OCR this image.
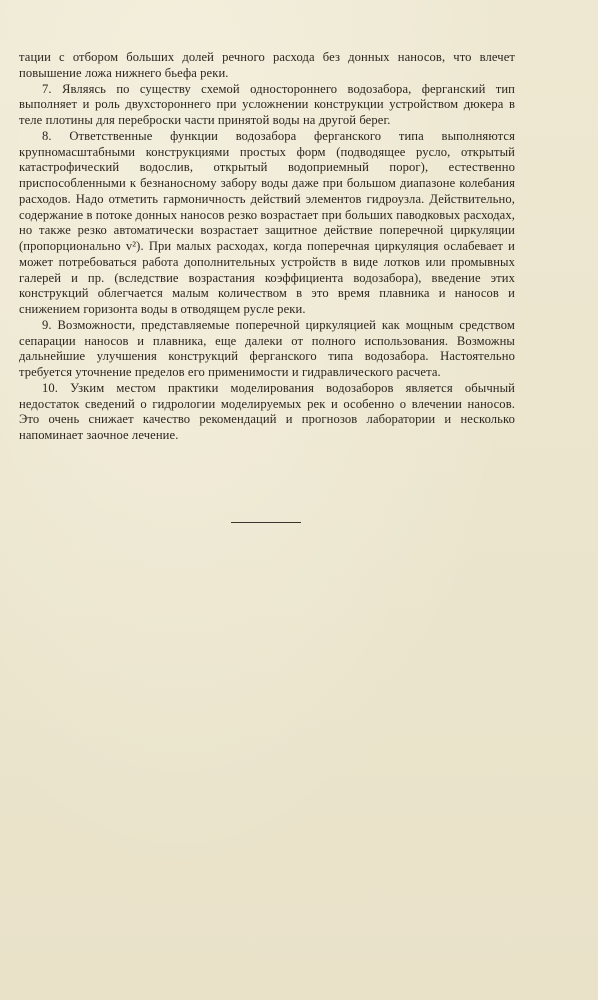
тации с отбором больших долей речного расхода без донных наносов, что влечет повышение ложа нижнего бьефа реки.

7. Являясь по существу схемой одностороннего водозабора, ферганский тип выполняет и роль двухстороннего при усложнении конструкции устройством дюкера в теле плотины для переброски части принятой воды на другой берег.

8. Ответственные функции водозабора ферганского типа выполняются крупномасштабными конструкциями простых форм (подводящее русло, открытый катастрофический водослив, открытый водоприемный порог), естественно приспособленными к безнаносному забору воды даже при большом диапазоне колебания расходов. Надо отметить гармоничность действий элементов гидроузла. Действительно, содержание в потоке донных наносов резко возрастает при больших паводковых расходах, но также резко автоматически возрастает защитное действие поперечной циркуляции (пропорционально v²). При малых расходах, когда поперечная циркуляция ослабевает и может потребоваться работа дополнительных устройств в виде лотков или промывных галерей и пр. (вследствие возрастания коэффициента водозабора), введение этих конструкций облегчается малым количеством в это время плавника и наносов и снижением горизонта воды в отводящем русле реки.

9. Возможности, представляемые поперечной циркуляцией как мощным средством сепарации наносов и плавника, еще далеки от полного использования. Возможны дальнейшие улучшения конструкций ферганского типа водозабора. Настоятельно требуется уточнение пределов его применимости и гидравлического расчета.

10. Узким местом практики моделирования водозаборов является обычный недостаток сведений о гидрологии моделируемых рек и особенно о влечении наносов. Это очень снижает качество рекомендаций и прогнозов лаборатории и несколько напоминает заочное лечение.
